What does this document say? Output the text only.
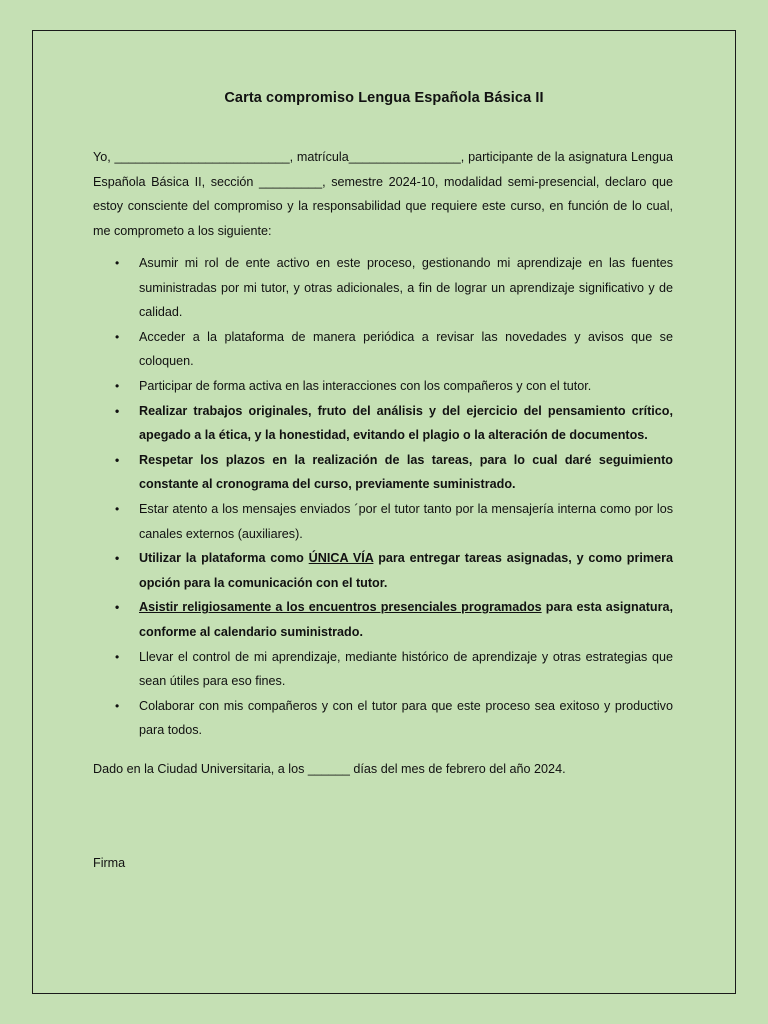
Carta compromiso Lengua Española Básica II
Yo, _________________________, matrícula________________, participante de la asignatura Lengua Española Básica II, sección _________, semestre 2024-10, modalidad semi-presencial, declaro que estoy consciente del compromiso y la responsabilidad que requiere este curso, en función de lo cual, me comprometo a los siguiente:
• Asumir mi rol de ente activo en este proceso, gestionando mi aprendizaje en las fuentes suministradas por mi tutor, y otras adicionales, a fin de lograr un aprendizaje significativo y de calidad.
• Acceder a la plataforma de manera periódica a revisar las novedades y avisos que se coloquen.
• Participar de forma activa en las interacciones con los compañeros y con el tutor.
• Realizar trabajos originales, fruto del análisis y del ejercicio del pensamiento crítico, apegado a la ética, y la honestidad, evitando el plagio o la alteración de documentos.
• Respetar los plazos en la realización de las tareas, para lo cual daré seguimiento constante al cronograma del curso, previamente suministrado.
• Estar atento a los mensajes enviados ´por el tutor tanto por la mensajería interna como por los canales externos (auxiliares).
• Utilizar la plataforma como ÚNICA VÍA para entregar tareas asignadas, y como primera opción para la comunicación con el tutor.
• Asistir religiosamente a los encuentros presenciales programados para esta asignatura, conforme al calendario suministrado.
• Llevar el control de mi aprendizaje, mediante histórico de aprendizaje y otras estrategias que sean útiles para eso fines.
• Colaborar con mis compañeros y con el tutor para que este proceso sea exitoso y productivo para todos.
Dado en la Ciudad Universitaria, a los ______ días del mes de febrero del año 2024.
Firma
